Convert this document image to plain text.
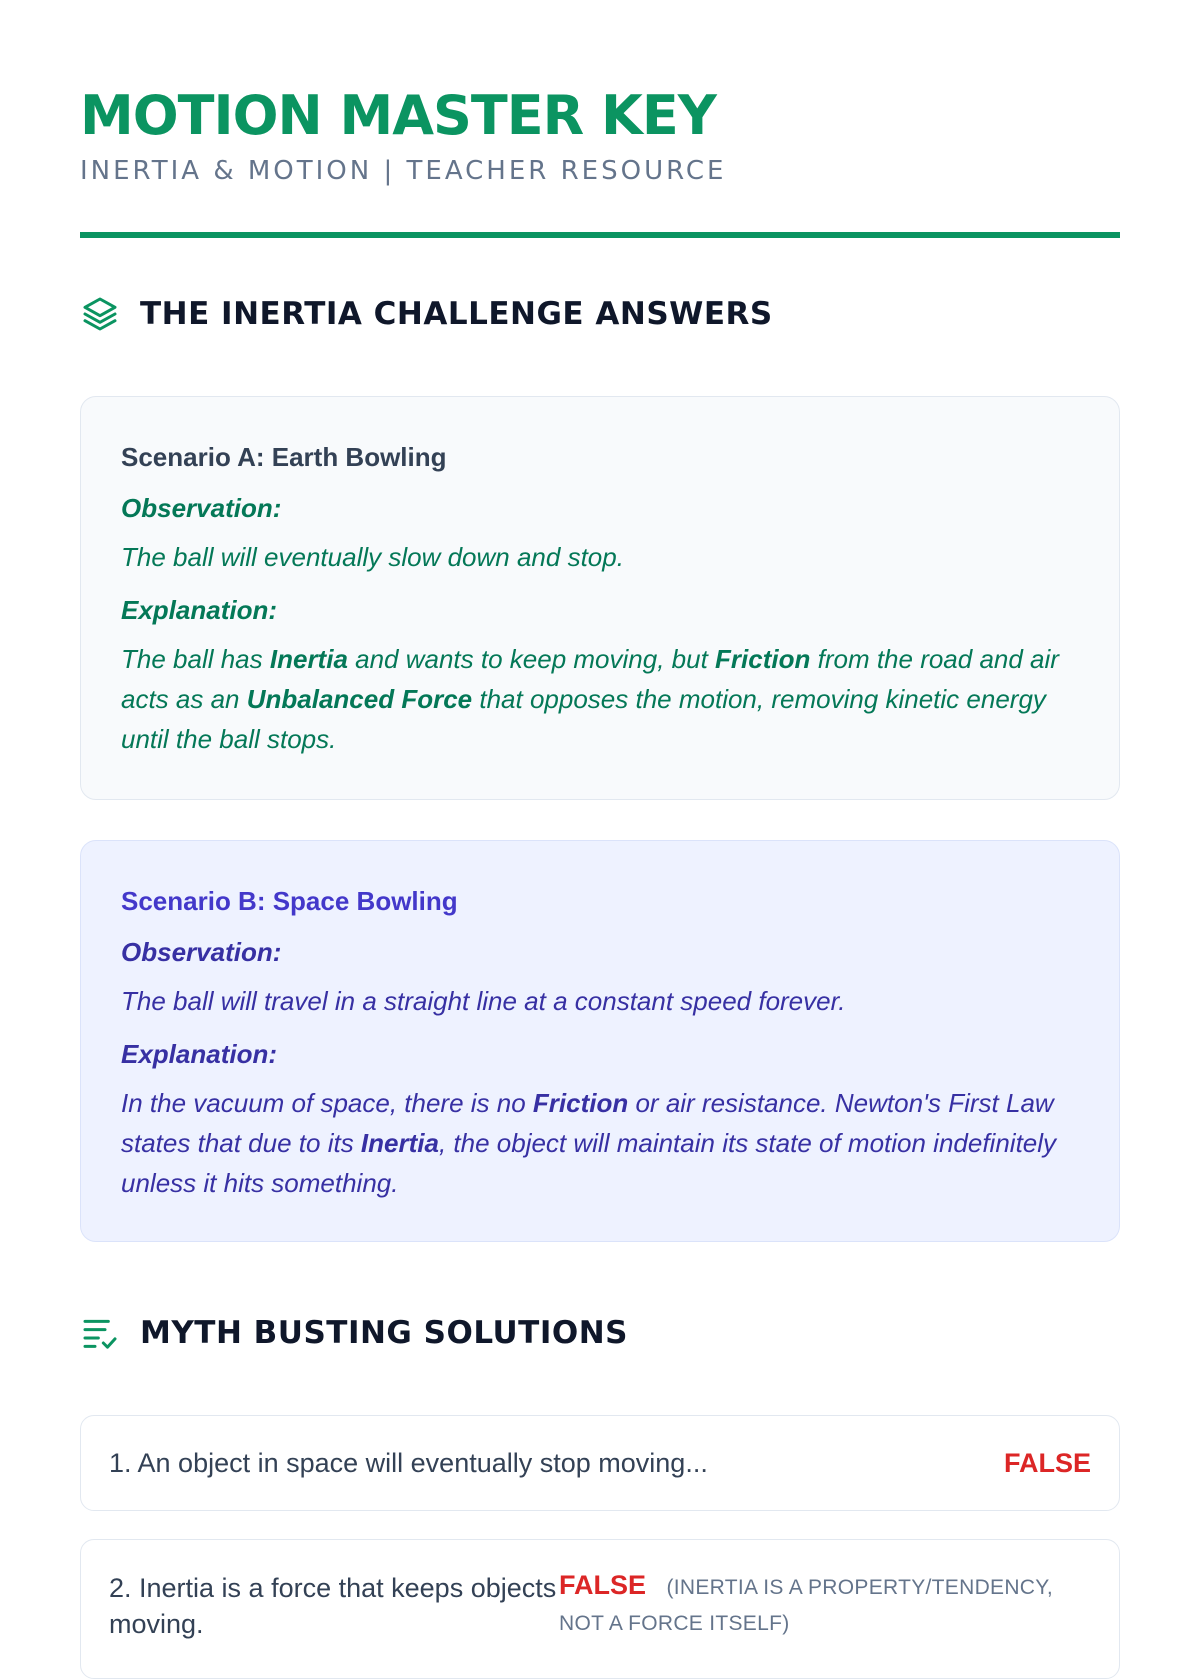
MOTION MASTER KEY
INERTIA & MOTION | TEACHER RESOURCE
THE INERTIA CHALLENGE ANSWERS
Scenario A: Earth Bowling
Observation:
The ball will eventually slow down and stop.
Explanation:
The ball has Inertia and wants to keep moving, but Friction from the road and air acts as an Unbalanced Force that opposes the motion, removing kinetic energy until the ball stops.
Scenario B: Space Bowling
Observation:
The ball will travel in a straight line at a constant speed forever.
Explanation:
In the vacuum of space, there is no Friction or air resistance. Newton's First Law states that due to its Inertia, the object will maintain its state of motion indefinitely unless it hits something.
MYTH BUSTING SOLUTIONS
1. An object in space will eventually stop moving...	FALSE
2. Inertia is a force that keeps objects moving.
FALSE (INERTIA IS A PROPERTY/TENDENCY, NOT A FORCE ITSELF)
